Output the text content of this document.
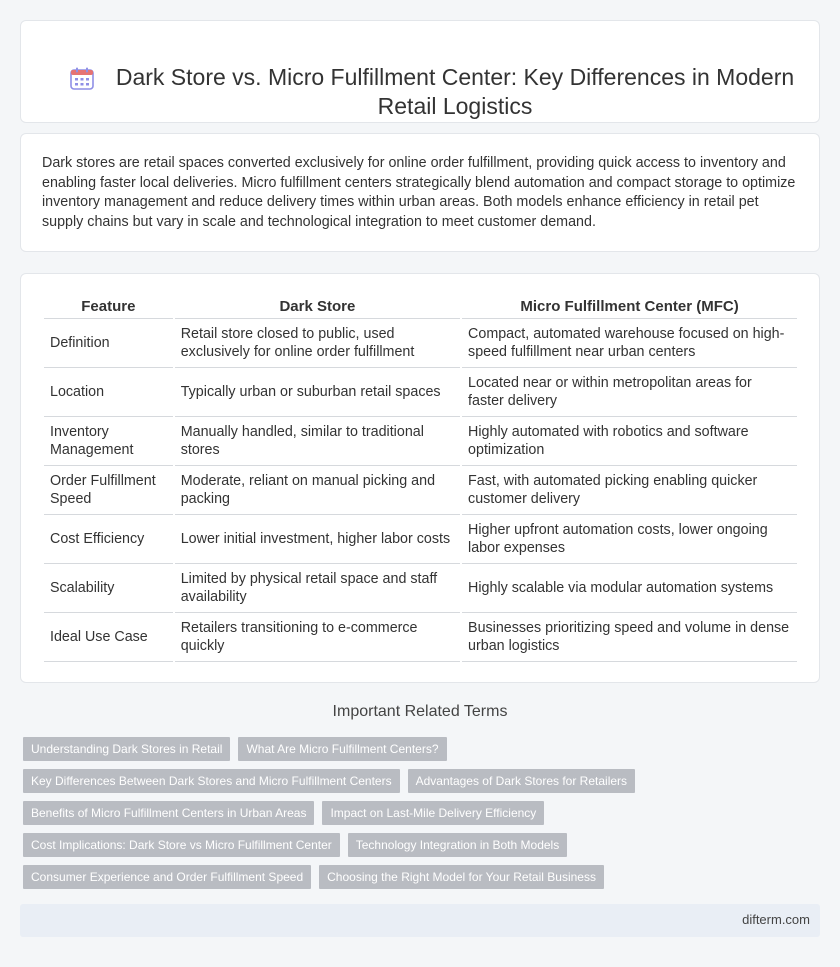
Dark Store vs. Micro Fulfillment Center: Key Differences in Modern Retail Logistics

Dark stores are retail spaces converted exclusively for online order fulfillment, providing quick access to inventory and enabling faster local deliveries. Micro fulfillment centers strategically blend automation and compact storage to optimize inventory management and reduce delivery times within urban areas. Both models enhance efficiency in retail pet supply chains but vary in scale and technological integration to meet customer demand.

Feature	Dark Store	Micro Fulfillment Center (MFC)
Definition	Retail store closed to public, used exclusively for online order fulfillment	Compact, automated warehouse focused on high-speed fulfillment near urban centers
Location	Typically urban or suburban retail spaces	Located near or within metropolitan areas for faster delivery
Inventory Management	Manually handled, similar to traditional stores	Highly automated with robotics and software optimization
Order Fulfillment Speed	Moderate, reliant on manual picking and packing	Fast, with automated picking enabling quicker customer delivery
Cost Efficiency	Lower initial investment, higher labor costs	Higher upfront automation costs, lower ongoing labor expenses
Scalability	Limited by physical retail space and staff availability	Highly scalable via modular automation systems
Ideal Use Case	Retailers transitioning to e-commerce quickly	Businesses prioritizing speed and volume in dense urban logistics
Important Related Terms
Understanding Dark Stores in Retail	What Are Micro Fulfillment Centers?
Key Differences Between Dark Stores and Micro Fulfillment Centers	Advantages of Dark Stores for Retailers
Benefits of Micro Fulfillment Centers in Urban Areas	Impact on Last-Mile Delivery Efficiency
Cost Implications: Dark Store vs Micro Fulfillment Center	Technology Integration in Both Models
Consumer Experience and Order Fulfillment Speed	Choosing the Right Model for Your Retail Business
difterm.com
